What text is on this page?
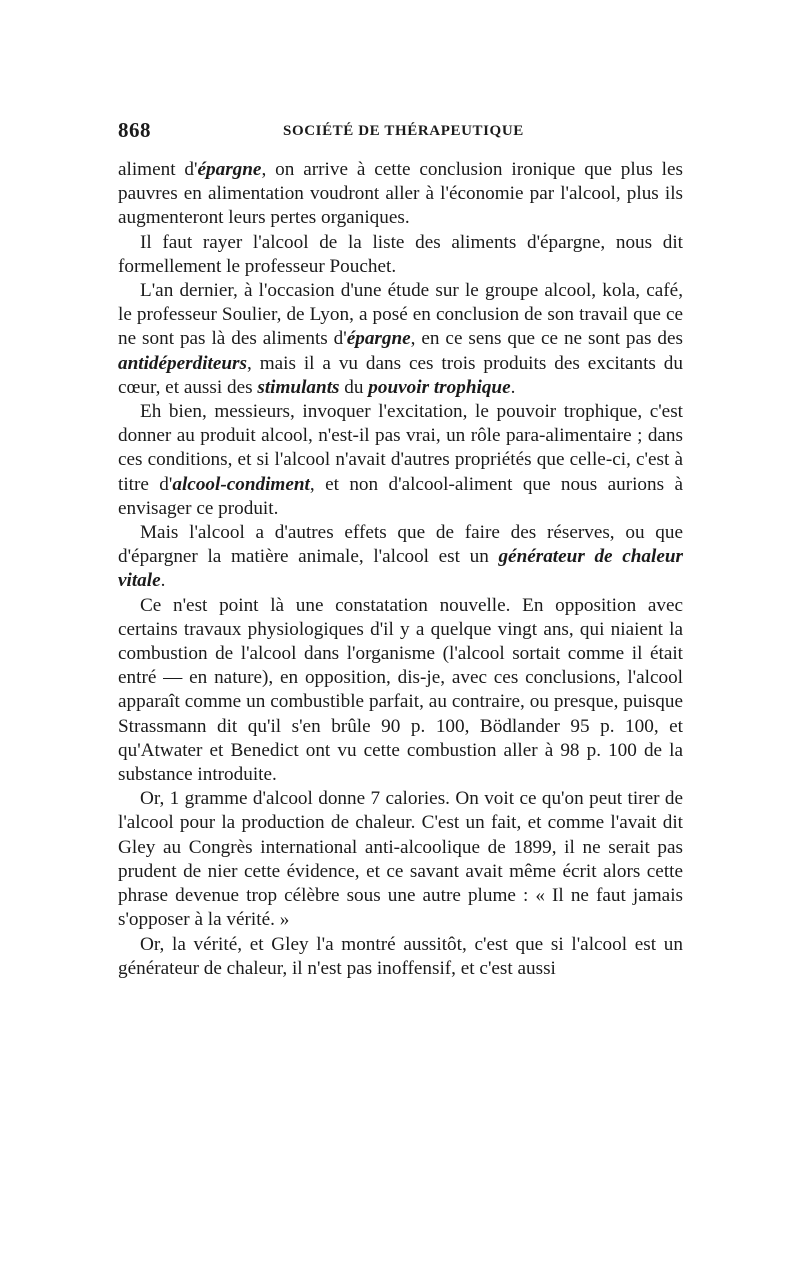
868	SOCIÉTÉ DE THÉRAPEUTIQUE

aliment d'épargne, on arrive à cette conclusion ironique que plus les pauvres en alimentation voudront aller à l'économie par l'alcool, plus ils augmenteront leurs pertes organiques.

Il faut rayer l'alcool de la liste des aliments d'épargne, nous dit formellement le professeur Pouchet.

L'an dernier, à l'occasion d'une étude sur le groupe alcool, kola, café, le professeur Soulier, de Lyon, a posé en conclusion de son travail que ce ne sont pas là des aliments d'épargne, en ce sens que ce ne sont pas des antidéperditeurs, mais il a vu dans ces trois produits des excitants du cœur, et aussi des stimulants du pouvoir trophique.

Eh bien, messieurs, invoquer l'excitation, le pouvoir trophique, c'est donner au produit alcool, n'est-il pas vrai, un rôle para-alimentaire ; dans ces conditions, et si l'alcool n'avait d'autres propriétés que celle-ci, c'est à titre d'alcool-condiment, et non d'alcool-aliment que nous aurions à envisager ce produit.

Mais l'alcool a d'autres effets que de faire des réserves, ou que d'épargner la matière animale, l'alcool est un générateur de chaleur vitale.

Ce n'est point là une constatation nouvelle. En opposition avec certains travaux physiologiques d'il y a quelque vingt ans, qui niaient la combustion de l'alcool dans l'organisme (l'alcool sortait comme il était entré — en nature), en opposition, dis-je, avec ces conclusions, l'alcool apparaît comme un combustible parfait, au contraire, ou presque, puisque Strassmann dit qu'il s'en brûle 90 p. 100, Bödlander 95 p. 100, et qu'Atwater et Benedict ont vu cette combustion aller à 98 p. 100 de la substance introduite.

Or, 1 gramme d'alcool donne 7 calories. On voit ce qu'on peut tirer de l'alcool pour la production de chaleur. C'est un fait, et comme l'avait dit Gley au Congrès international anti-alcoolique de 1899, il ne serait pas prudent de nier cette évidence, et ce savant avait même écrit alors cette phrase devenue trop célèbre sous une autre plume : « Il ne faut jamais s'opposer à la vérité. »

Or, la vérité, et Gley l'a montré aussitôt, c'est que si l'alcool est un générateur de chaleur, il n'est pas inoffensif, et c'est aussi
